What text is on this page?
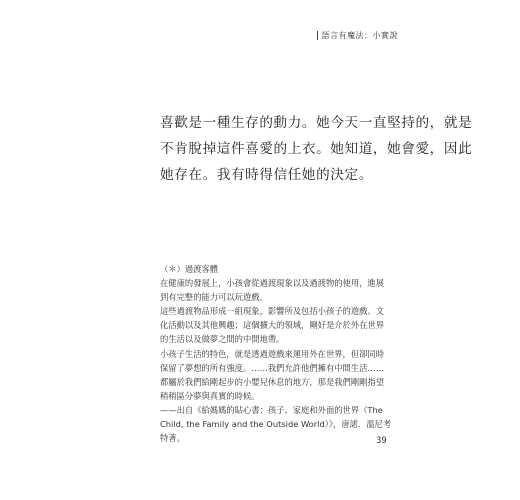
語言有魔法：小實說

喜歡是一種生存的動力。她今天一直堅持的，就是

不肯脫掉這件喜愛的上衣。她知道，她會愛，因此

她存在。我有時得信任她的決定。

（＊）過渡客體

在健康的發展上，小孩會從過渡現象以及過渡物的使用，進展

到有完整的能力可以玩遊戲。

這些過渡物品形成一組現象，影響所及包括小孩子的遊戲、文

化活動以及其他興趣；這個擴大的領域，剛好是介於外在世界

的生活以及做夢之間的中間地帶。

小孩子生活的特色，就是透過遊戲來運用外在世界，但卻同時

保留了夢想的所有強度。……我們允許他們擁有中間生活……

都屬於我們給剛起步的小嬰兒休息的地方，那是我們剛剛指望

稍稍區分夢與真實的時候。

——出自《給媽媽的貼心書：孩子、家庭和外面的世界（The

Child, the Family and the Outside World）》，唐諾．溫尼考

特著。	39
